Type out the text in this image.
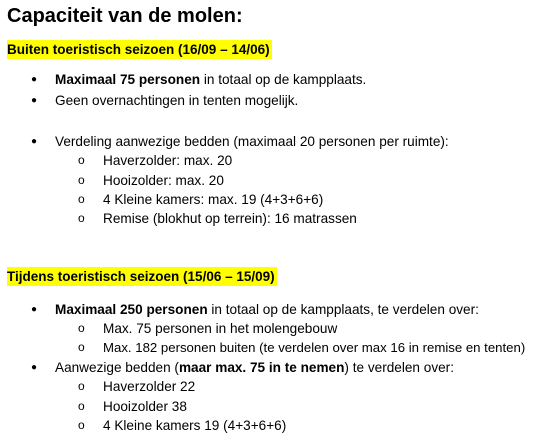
Capaciteit van de molen:
Buiten toeristisch seizoen (16/09 – 14/06)
● Maximaal 75 personen in totaal op de kampplaats.
● Geen overnachtingen in tenten mogelijk.
● Verdeling aanwezige bedden (maximaal 20 personen per ruimte):
o Haverzolder: max. 20
o Hooizolder: max. 20
o 4 Kleine kamers: max. 19 (4+3+6+6)
o Remise (blokhut op terrein): 16 matrassen
Tijdens toeristisch seizoen (15/06 – 15/09)
● Maximaal 250 personen in totaal op de kampplaats, te verdelen over:
o Max. 75 personen in het molengebouw
o Max. 182 personen buiten (te verdelen over max 16 in remise en tenten)
● Aanwezige bedden (maar max. 75 in te nemen) te verdelen over:
o Haverzolder 22
o Hooizolder 38
o 4 Kleine kamers 19 (4+3+6+6)
